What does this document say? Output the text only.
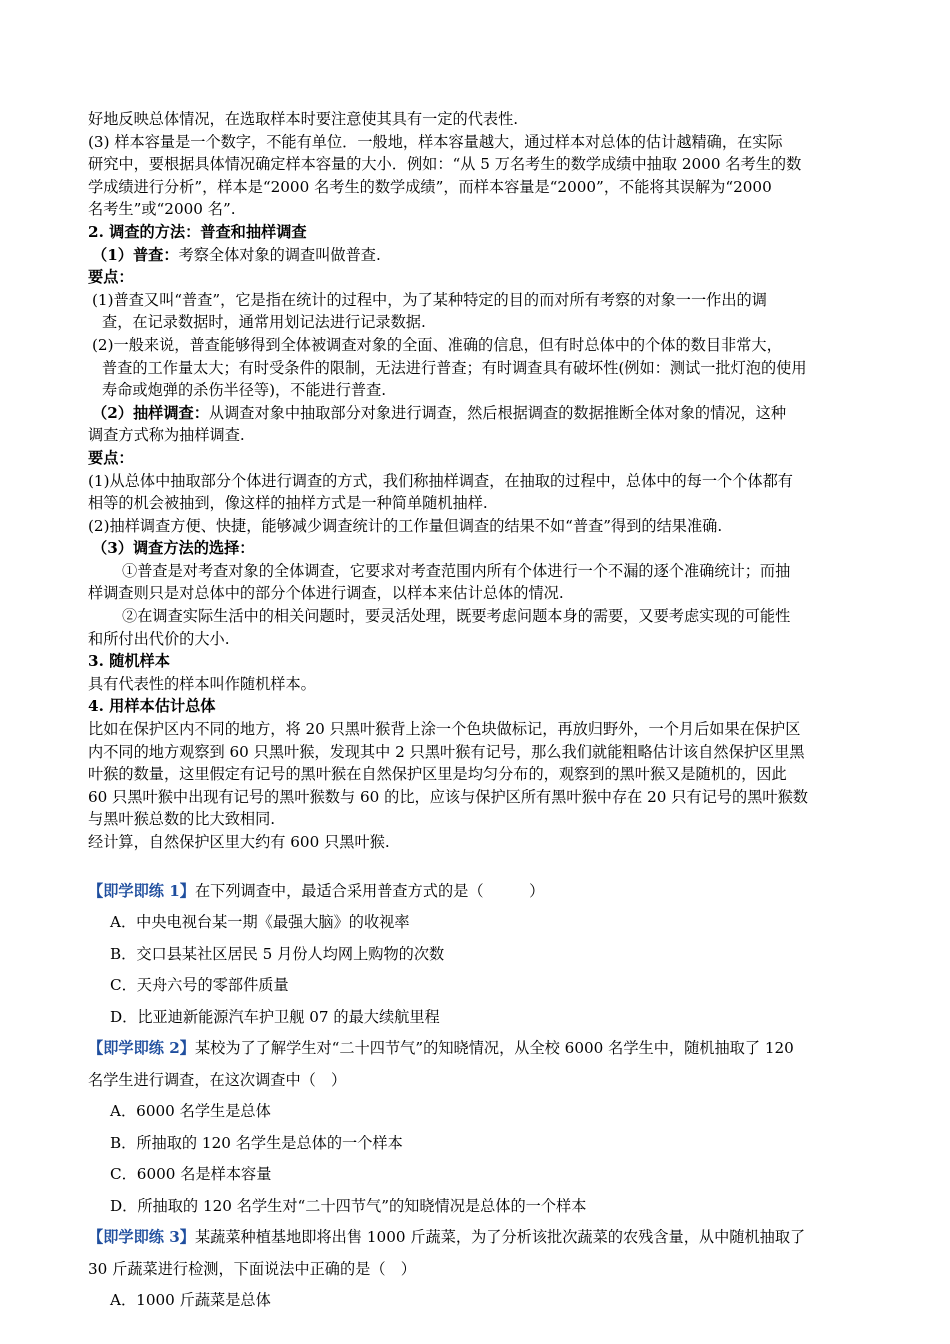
好地反映总体情况，在选取样本时要注意使其具有一定的代表性.
(3) 样本容量是一个数字，不能有单位．一般地，样本容量越大，通过样本对总体的估计越精确，在实际
研究中，要根据具体情况确定样本容量的大小．例如：“从 5 万名考生的数学成绩中抽取 2000 名考生的数
学成绩进行分析”，样本是“2000 名考生的数学成绩”，而样本容量是“2000”，不能将其误解为“2000
名考生”或“2000 名”.
2. 调查的方法：普查和抽样调查
（1）普查：考察全体对象的调查叫做普查.
要点：
(1)普查又叫“普查”，它是指在统计的过程中，为了某种特定的目的而对所有考察的对象一一作出的调
查，在记录数据时，通常用划记法进行记录数据.
(2)一般来说，普查能够得到全体被调查对象的全面、准确的信息，但有时总体中的个体的数目非常大，
普查的工作量太大；有时受条件的限制，无法进行普查；有时调查具有破坏性(例如：测试一批灯泡的使用
寿命或炮弹的杀伤半径等)，不能进行普查.
（2）抽样调查：从调查对象中抽取部分对象进行调查，然后根据调查的数据推断全体对象的情况，这种
调查方式称为抽样调查.
要点：
(1)从总体中抽取部分个体进行调查的方式，我们称抽样调查，在抽取的过程中，总体中的每一个个体都有
相等的机会被抽到，像这样的抽样方式是一种简单随机抽样.
(2)抽样调查方便、快捷，能够减少调查统计的工作量但调查的结果不如“普查”得到的结果准确.
（3）调查方法的选择：
①普查是对考查对象的全体调查，它要求对考查范围内所有个体进行一个不漏的逐个准确统计；而抽
样调查则只是对总体中的部分个体进行调查，以样本来估计总体的情况.
②在调查实际生活中的相关问题时，要灵活处理，既要考虑问题本身的需要，又要考虑实现的可能性
和所付出代价的大小.
3. 随机样本
具有代表性的样本叫作随机样本。
4. 用样本估计总体
比如在保护区内不同的地方，将 20 只黑叶猴背上涂一个色块做标记，再放归野外，一个月后如果在保护区
内不同的地方观察到 60 只黑叶猴，发现其中 2 只黑叶猴有记号，那么我们就能粗略估计该自然保护区里黑
叶猴的数量，这里假定有记号的黑叶猴在自然保护区里是均匀分布的，观察到的黑叶猴又是随机的，因此
60 只黑叶猴中出现有记号的黑叶猴数与 60 的比，应该与保护区所有黑叶猴中存在 20 只有记号的黑叶猴数
与黑叶猴总数的比大致相同.
经计算，自然保护区里大约有 600 只黑叶猴.
【即学即练 1】在下列调查中，最适合采用普查方式的是（　　　）
A．中央电视台某一期《最强大脑》的收视率
B．交口县某社区居民 5 月份人均网上购物的次数
C．天舟六号的零部件质量
D．比亚迪新能源汽车护卫舰 07 的最大续航里程
【即学即练 2】某校为了了解学生对“二十四节气”的知晓情况，从全校 6000 名学生中，随机抽取了 120
名学生进行调查，在这次调查中（　）
A．6000 名学生是总体
B．所抽取的 120 名学生是总体的一个样本
C．6000 名是样本容量
D．所抽取的 120 名学生对“二十四节气”的知晓情况是总体的一个样本
【即学即练 3】某蔬菜种植基地即将出售 1000 斤蔬菜，为了分析该批次蔬菜的农残含量，从中随机抽取了
30 斤蔬菜进行检测，下面说法中正确的是（　）
A．1000 斤蔬菜是总体
